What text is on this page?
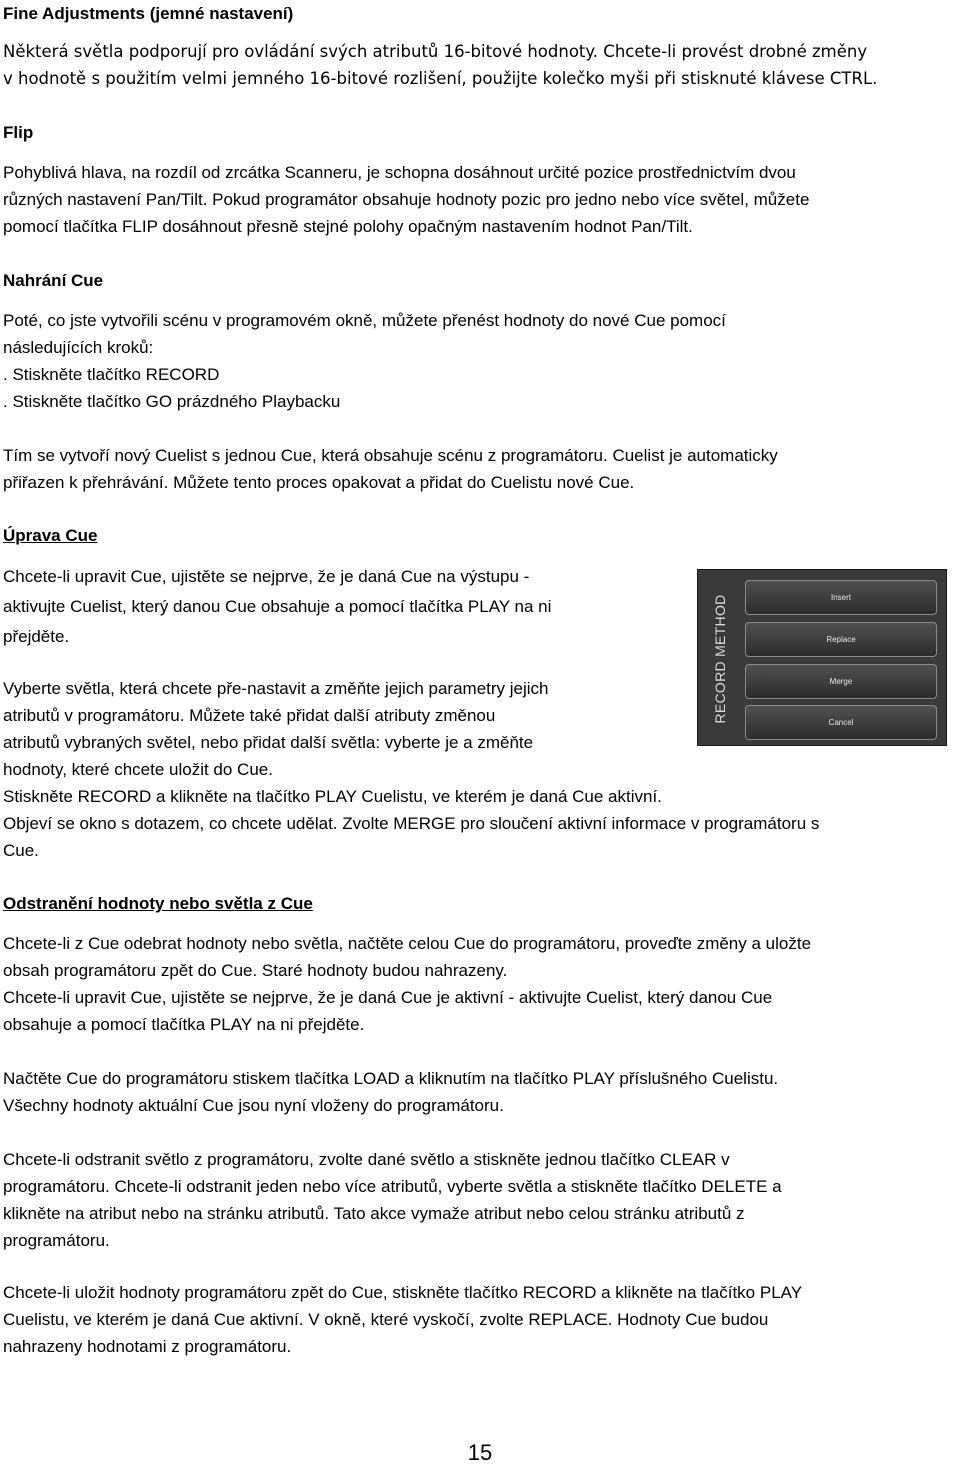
Fine Adjustments (jemné nastavení)
Některá světla podporují pro ovládání svých atributů 16-bitové hodnoty. Chcete-li provést drobné změny
v hodnotě s použitím velmi jemného 16-bitové rozlišení, použijte kolečko myši při stisknuté klávese CTRL.
Flip
Pohyblivá hlava, na rozdíl od zrcátka Scanneru, je schopna dosáhnout určité pozice prostřednictvím dvou
různých nastavení Pan/Tilt. Pokud programátor obsahuje hodnoty pozic pro jedno nebo více světel, můžete
pomocí tlačítka FLIP dosáhnout přesně stejné polohy opačným nastavením hodnot Pan/Tilt.
Nahrání Cue
Poté, co jste vytvořili scénu v programovém okně, můžete přenést hodnoty do nové Cue pomocí
následujících kroků:
. Stiskněte tlačítko RECORD
. Stiskněte tlačítko GO prázdného Playbacku
Tím se vytvoří nový Cuelist s jednou Cue, která obsahuje scénu z programátoru. Cuelist je automaticky
přiřazen k přehrávání. Můžete tento proces opakovat a přidat do Cuelistu nové Cue.
Úprava Cue
Chcete-li upravit Cue, ujistěte se nejprve, že je daná Cue na výstupu -
aktivujte Cuelist, který danou Cue obsahuje a pomocí tlačítka PLAY na ni
přejděte.
Vyberte světla, která chcete pře-nastavit a změňte jejich parametry jejich
atributů v programátoru. Můžete také přidat další atributy změnou
atributů vybraných světel, nebo přidat další světla: vyberte je a změňte
hodnoty, které chcete uložit do Cue.
Stiskněte RECORD a klikněte na tlačítko PLAY Cuelistu, ve kterém je daná Cue aktivní.
Objeví se okno s dotazem, co chcete udělat. Zvolte MERGE pro sloučení aktivní informace v programátoru s
Cue.
RECORD METHOD	Insert
Replace
Merge
Cancel
Odstranění hodnoty nebo světla z Cue
Chcete-li z Cue odebrat hodnoty nebo světla, načtěte celou Cue do programátoru, proveďte změny a uložte
obsah programátoru zpět do Cue. Staré hodnoty budou nahrazeny.
Chcete-li upravit Cue, ujistěte se nejprve, že je daná Cue je aktivní - aktivujte Cuelist, který danou Cue
obsahuje a pomocí tlačítka PLAY na ni přejděte.
Načtěte Cue do programátoru stiskem tlačítka LOAD a kliknutím na tlačítko PLAY příslušného Cuelistu.
Všechny hodnoty aktuální Cue jsou nyní vloženy do programátoru.
Chcete-li odstranit světlo z programátoru, zvolte dané světlo a stiskněte jednou tlačítko CLEAR v
programátoru. Chcete-li odstranit jeden nebo více atributů, vyberte světla a stiskněte tlačítko DELETE a
klikněte na atribut nebo na stránku atributů. Tato akce vymaže atribut nebo celou stránku atributů z
programátoru.
Chcete-li uložit hodnoty programátoru zpět do Cue, stiskněte tlačítko RECORD a klikněte na tlačítko PLAY
Cuelistu, ve kterém je daná Cue aktivní. V okně, které vyskočí, zvolte REPLACE. Hodnoty Cue budou
nahrazeny hodnotami z programátoru.
15
